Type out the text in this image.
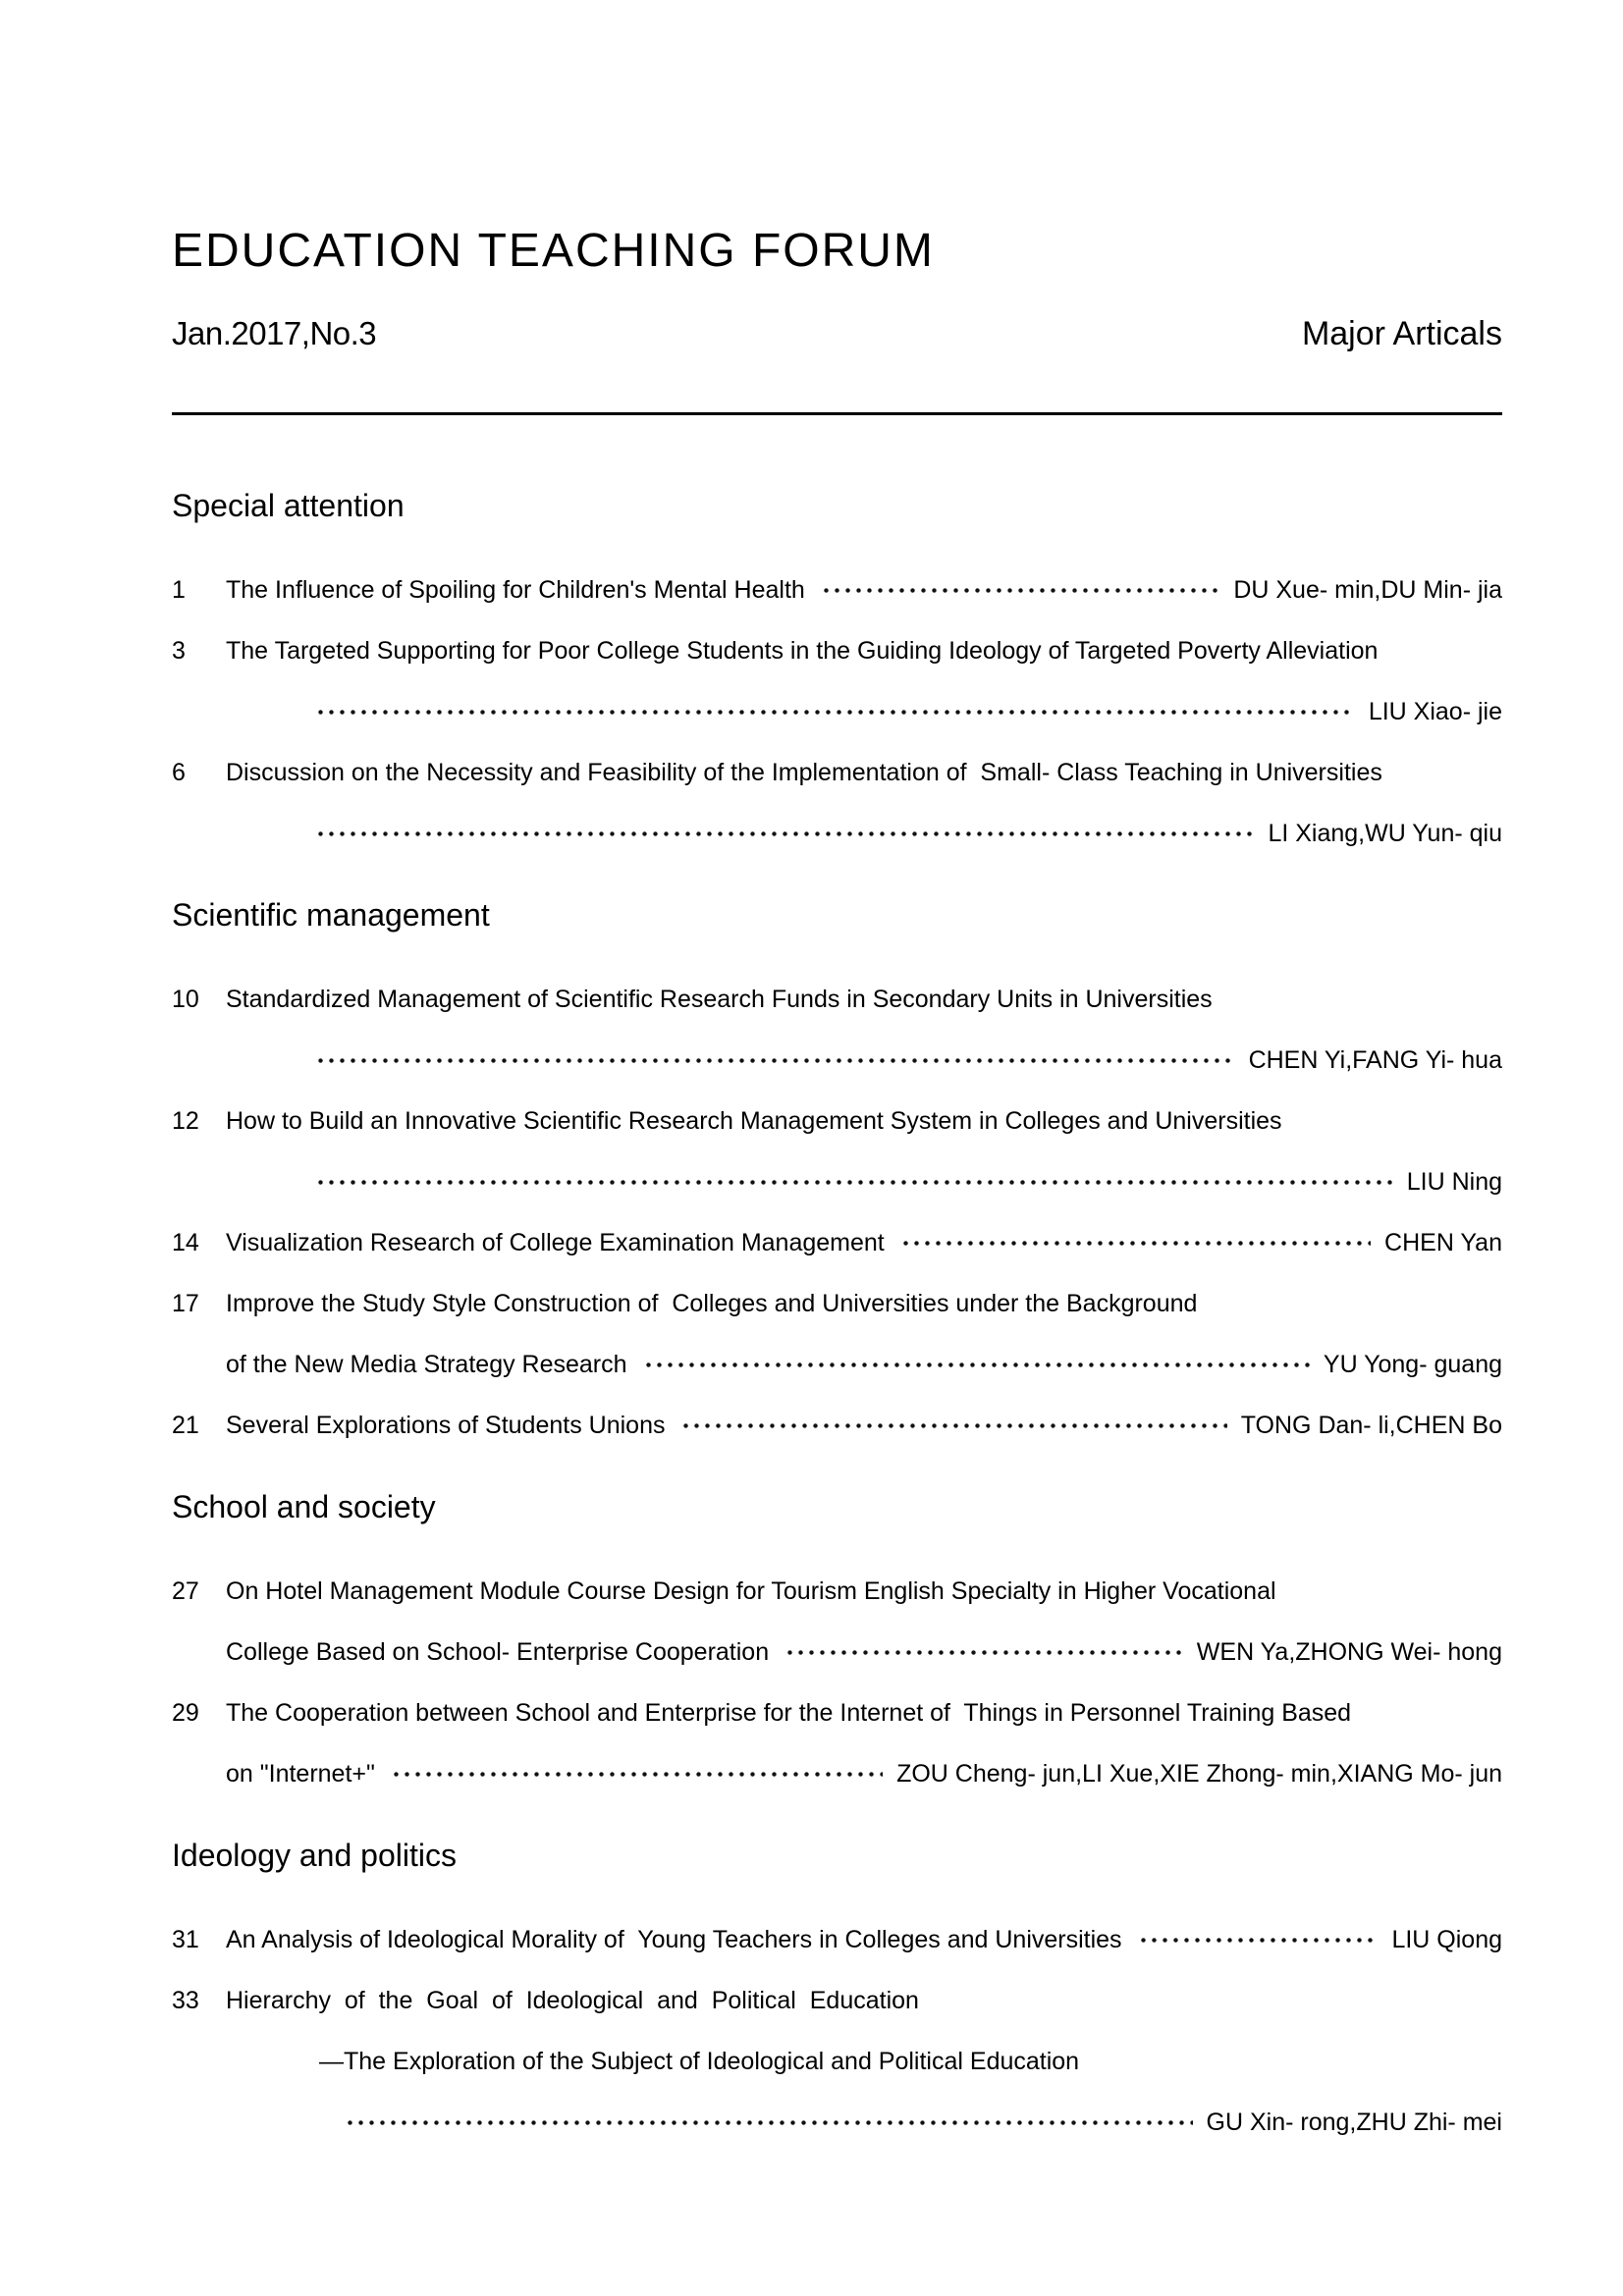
EDUCATION TEACHING FORUM
Jan.2017,No.3	Major Articals
Special attention
1	The Influence of Spoiling for Children's Mental Health	DU Xue- min,DU Min- jia
3	The Targeted Supporting for Poor College Students in the Guiding Ideology of Targeted Poverty Alleviation
LIU Xiao- jie
6	Discussion on the Necessity and Feasibility of the Implementation of  Small- Class Teaching in Universities
LI Xiang,WU Yun- qiu
Scientific management
10	Standardized Management of Scientific Research Funds in Secondary Units in Universities
CHEN Yi,FANG Yi- hua
12	How to Build an Innovative Scientific Research Management System in Colleges and Universities
LIU Ning
14	Visualization Research of College Examination Management	CHEN Yan
17	Improve the Study Style Construction of  Colleges and Universities under the Background
of the New Media Strategy Research	YU Yong- guang
21	Several Explorations of Students Unions	TONG Dan- li,CHEN Bo
School and society
27	On Hotel Management Module Course Design for Tourism English Specialty in Higher Vocational
College Based on School- Enterprise Cooperation	WEN Ya,ZHONG Wei- hong
29	The Cooperation between School and Enterprise for the Internet of  Things in Personnel Training Based
on "Internet+"	ZOU Cheng- jun,LI Xue,XIE Zhong- min,XIANG Mo- jun
Ideology and politics
31	An Analysis of Ideological Morality of  Young Teachers in Colleges and Universities	LIU Qiong
33	Hierarchy  of  the  Goal  of  Ideological  and  Political  Education
—The Exploration of the Subject of Ideological and Political Education
GU Xin- rong,ZHU Zhi- mei
